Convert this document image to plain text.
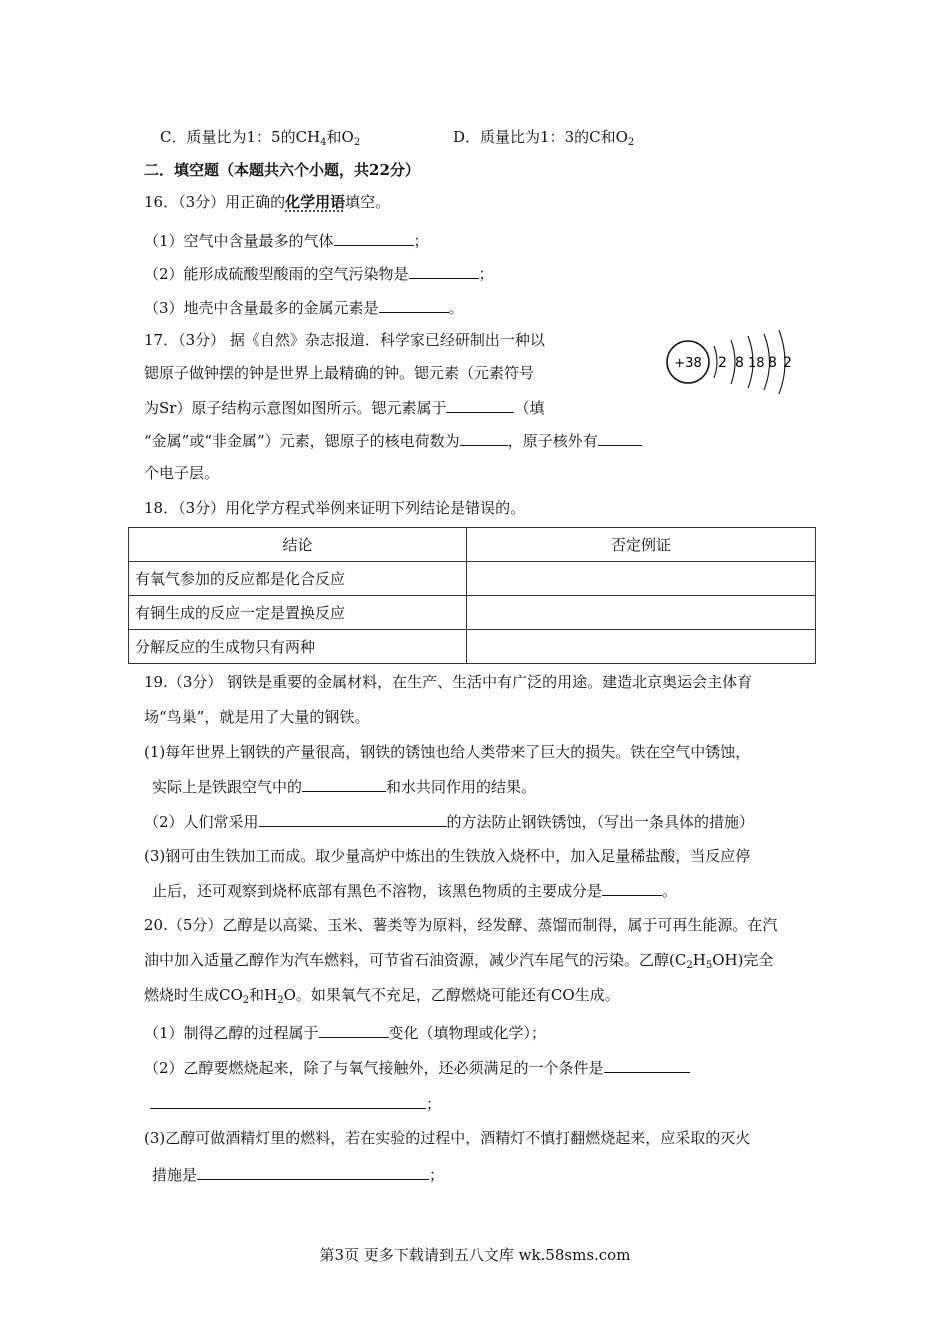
C．质量比为1：5的$CH_4$和$O_2$	D．质量比为1：3的C和$O_2$
二．填空题（本题共六个小题，共22分）
16．（3分）用正确的化学用语填空。
（1）空气中含量最多的气体	；
（2）能形成硫酸型酸雨的空气污染物是	；
（3）地壳中含量最多的金属元素是	。
17．（3分） 据《自然》杂志报道．科学家已经研制出一种以
锶原子做钟摆的钟是世界上最精确的钟。锶元素（元素符号
为Sr）原子结构示意图如图所示。锶元素属于	（填
“金属”或“非金属”）元素，锶原子的核电荷数为	，原子核外有
个电子层。
+38 2 8 18 8 2
18．（3分）用化学方程式举例来证明下列结论是错误的。
结论	否定例证
有氧气参加的反应都是化合反应	
有铜生成的反应一定是置换反应	
分解反应的生成物只有两种	
19.（3分） 钢铁是重要的金属材料，在生产、生活中有广泛的用途。建造北京奥运会主体育
场“鸟巢”，就是用了大量的钢铁。
(1)每年世界上钢铁的产量很高，钢铁的锈蚀也给人类带来了巨大的损失。铁在空气中锈蚀，
实际上是铁跟空气中的	和水共同作用的结果。
（2）人们常采用	的方法防止钢铁锈蚀，（写出一条具体的措施）
(3)钢可由生铁加工而成。取少量高炉中炼出的生铁放入烧杯中，加入足量稀盐酸，当反应停
止后，还可观察到烧杯底部有黑色不溶物，该黑色物质的主要成分是	。
20.（5分）乙醇是以高粱、玉米、薯类等为原料，经发酵、蒸馏而制得，属于可再生能源。在汽
油中加入适量乙醇作为汽车燃料，可节省石油资源，减少汽车尾气的污染。乙醇$(C_2H_5OH)$完全
燃烧时生成$CO_2$和$H_2O$。如果氧气不充足，乙醇燃烧可能还有CO生成。
（1）制得乙醇的过程属于	变化（填物理或化学）；
（2）乙醇要燃烧起来，除了与氧气接触外，还必须满足的一个条件是
；
(3)乙醇可做酒精灯里的燃料，若在实验的过程中，酒精灯不慎打翻燃烧起来，应采取的灭火
措施是	；
第3页 更多下载请到五八文库 wk.58sms.com
